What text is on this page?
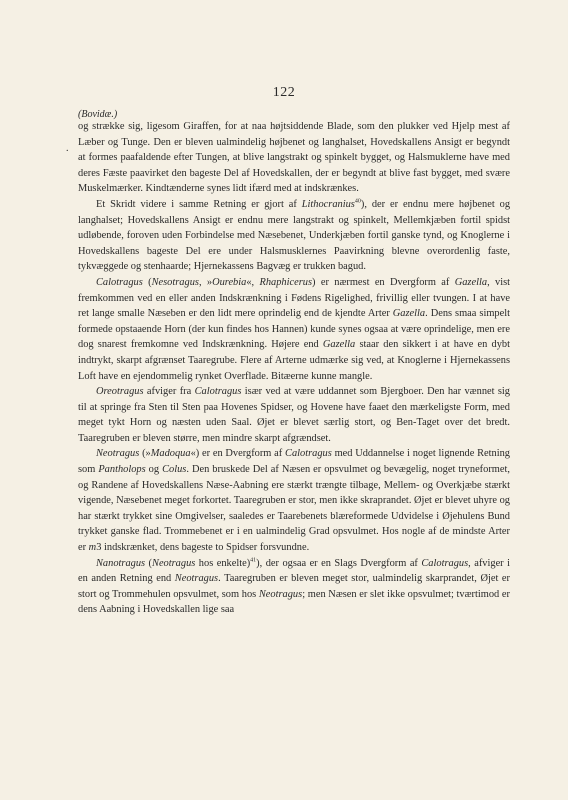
122
(Bovidæ.)
.

og strække sig, ligesom Giraffen, for at naa højtsiddende Blade, som den plukker ved Hjelp mest af Læber og Tunge. Den er bleven ualmindelig højbenet og langhalset, Hovedskallens Ansigt er begyndt at formes paafaldende efter Tungen, at blive langstrakt og spinkelt bygget, og Halsmuklerne have med deres Fæste paavirket den bageste Del af Hovedskallen, der er begyndt at blive fast bygget, med svære Muskelmærker. Kindtænderne synes lidt ifærd med at indskrænkes.

Et Skridt videre i samme Retning er gjort af Lithocranius$^{40}$), der er endnu mere højbenet og langhalset; Hovedskallens Ansigt er endnu mere langstrakt og spinkelt, Mellemkjæben fortil spidst udløbende, foroven uden Forbindelse med Næsebenet, Underkjæben fortil ganske tynd, og Knoglerne i Hovedskallens bageste Del ere under Halsmusklernes Paavirkning blevne overordenlig faste, tykvæggede og stenhaarde; Hjernekassens Bagvæg er trukken bagud.

Calotragus (Nesotragus, »Ourebia«, Rhaphicerus) er nærmest en Dvergform af Gazella, vist fremkommen ved en eller anden Indskrænkning i Fødens Rigelighed, frivillig eller tvungen. I at have ret lange smalle Næseben er den lidt mere oprindelig end de kjendte Arter Gazella. Dens smaa simpelt formede opstaaende Horn (der kun findes hos Hannen) kunde synes ogsaa at være oprindelige, men ere dog snarest fremkomne ved Indskrænkning. Højere end Gazella staar den sikkert i at have en dybt indtrykt, skarpt afgrænset Taaregrube. Flere af Arterne udmærke sig ved, at Knoglerne i Hjernekassens Loft have en ejendommelig rynket Overflade. Bitæerne kunne mangle.

Oreotragus afviger fra Calotragus især ved at være uddannet som Bjergboer. Den har vænnet sig til at springe fra Sten til Sten paa Hovenes Spidser, og Hovene have faaet den mærkeligste Form, med meget tykt Horn og næsten uden Saal. Øjet er blevet særlig stort, og Ben-Taget over det bredt. Taaregruben er bleven større, men mindre skarpt afgrændset.

Neotragus (»Madoqua«) er en Dvergform af Calotragus med Uddannelse i noget lignende Retning som Pantholops og Colus. Den bruskede Del af Næsen er opsvulmet og bevægelig, noget tryneformet, og Randene af Hovedskallens Næse-Aabning ere stærkt trængte tilbage, Mellem- og Overkjæbe stærkt vigende, Næsebenet meget forkortet. Taaregruben er stor, men ikke skraprandet. Øjet er blevet uhyre og har stærkt trykket sine Omgivelser, saaledes er Taarebenets blæreformede Udvidelse i Øjehulens Bund trykket ganske flad. Trommebenet er i en ualmindelig Grad opsvulmet. Hos nogle af de mindste Arter er m3 indskrænket, dens bageste to Spidser forsvundne.

Nanotragus (Neotragus hos enkelte)$^{41}$), der ogsaa er en Slags Dvergform af Calotragus, afviger i en anden Retning end Neotragus. Taaregruben er bleven meget stor, ualmindelig skarprandet, Øjet er stort og Trommehulen opsvulmet, som hos Neotragus; men Næsen er slet ikke opsvulmet; tværtimod er dens Aabning i Hovedskallen lige saa
